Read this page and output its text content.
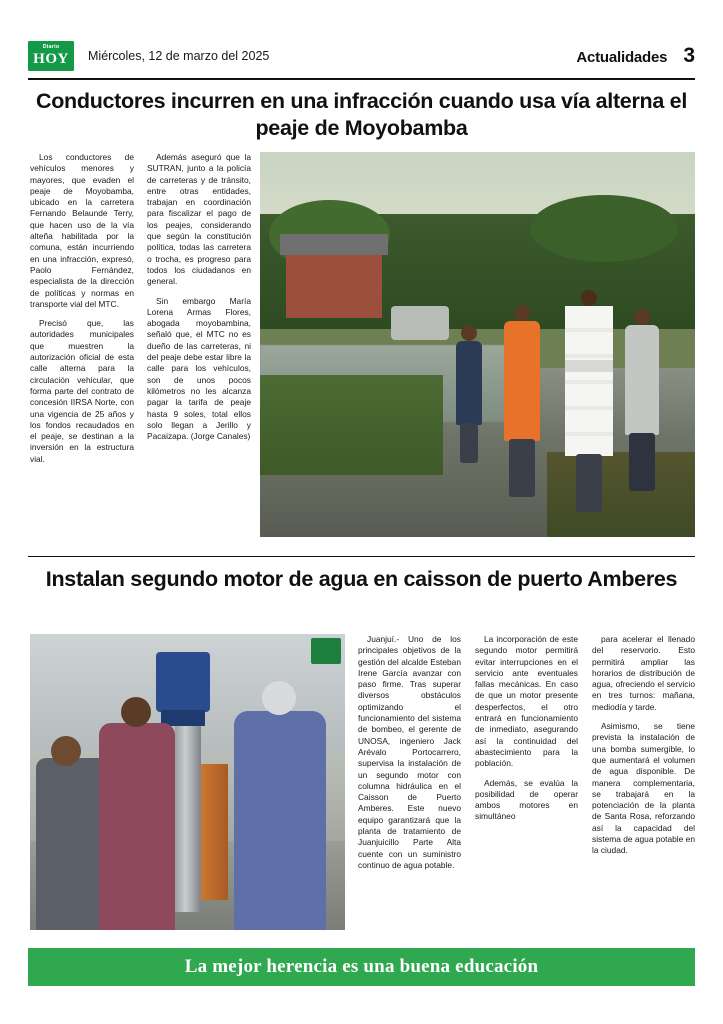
Diario
HOY Miércoles, 12 de marzo del 2025	Actualidades 3
Conductores incurren en una infracción cuando usa vía alterna el peaje de Moyobamba

Los conductores de vehículos menores y mayores, que evaden el peaje de Moyobamba, ubicado en la carretera Fernando Belaunde Terry, que hacen uso de la vía alteña habilitada por la comuna, están incurriendo en una infracción, expresó, Paolo Fernández, especialista de la dirección de políticas y normas en transporte vial del MTC.

Precisó que, las autoridades municipales que muestren la autorización oficial de esta calle alterna para la circulación vehicular, que forma parte del contrato de concesión IIRSA Norte, con una vigencia de 25 años y los fondos recaudados en el peaje, se destinan a la inversión en la estructura vial.

Además aseguró que la SUTRAN, junto a la policía de carreteras y de tránsito, entre otras entidades, trabajan en coordinación para fiscalizar el pago de los peajes, considerando que según la constitución política, todas las carretera o trocha, es progreso para todos los ciudadanos en general.

Sin embargo María Lorena Armas Flores, abogada moyobambina, señaló que, el MTC no es dueño de las carreteras, ni del peaje debe estar libre la calle para los vehículos, son de unos pocos kilómetros no les alcanza pagar la tarifa de peaje hasta 9 soles, total ellos solo llegan a Jerillo y Pacaizapa. (Jorge Canales)

Instalan segundo motor de agua en caisson de puerto Amberes

Juanjuí.- Uno de los principales objetivos de la gestión del alcalde Esteban Irene García avanzar con paso firme. Tras superar diversos obstáculos optimizando el funcionamiento del sistema de bombeo, el gerente de UNOSA, ingeniero Jack Arévalo Portocarrero, supervisa la instalación de un segundo motor con columna hidráulica en el Caisson de Puerto Amberes. Este nuevo equipo garantizará que la planta de tratamiento de Juanjuicillo Parte Alta cuente con un suministro continuo de agua potable.

La incorporación de este segundo motor permitirá evitar interrupciones en el servicio ante eventuales fallas mecánicas. En caso de que un motor presente desperfectos, el otro entrará en funcionamiento de inmediato, asegurando así la continuidad del abastecimiento para la población.

Además, se evalúa la posibilidad de operar ambos motores en simultáneo

para acelerar el llenado del reservorio. Esto permitirá ampliar las horarios de distribución de agua, ofreciendo el servicio en tres turnos: mañana, mediodía y tarde.

Asimismo, se tiene prevista la instalación de una bomba sumergible, lo que aumentará el volumen de agua disponible. De manera complementaria, se trabajará en la potenciación de la planta de Santa Rosa, reforzando así la capacidad del sistema de agua potable en la ciudad.

La mejor herencia es una buena educación
